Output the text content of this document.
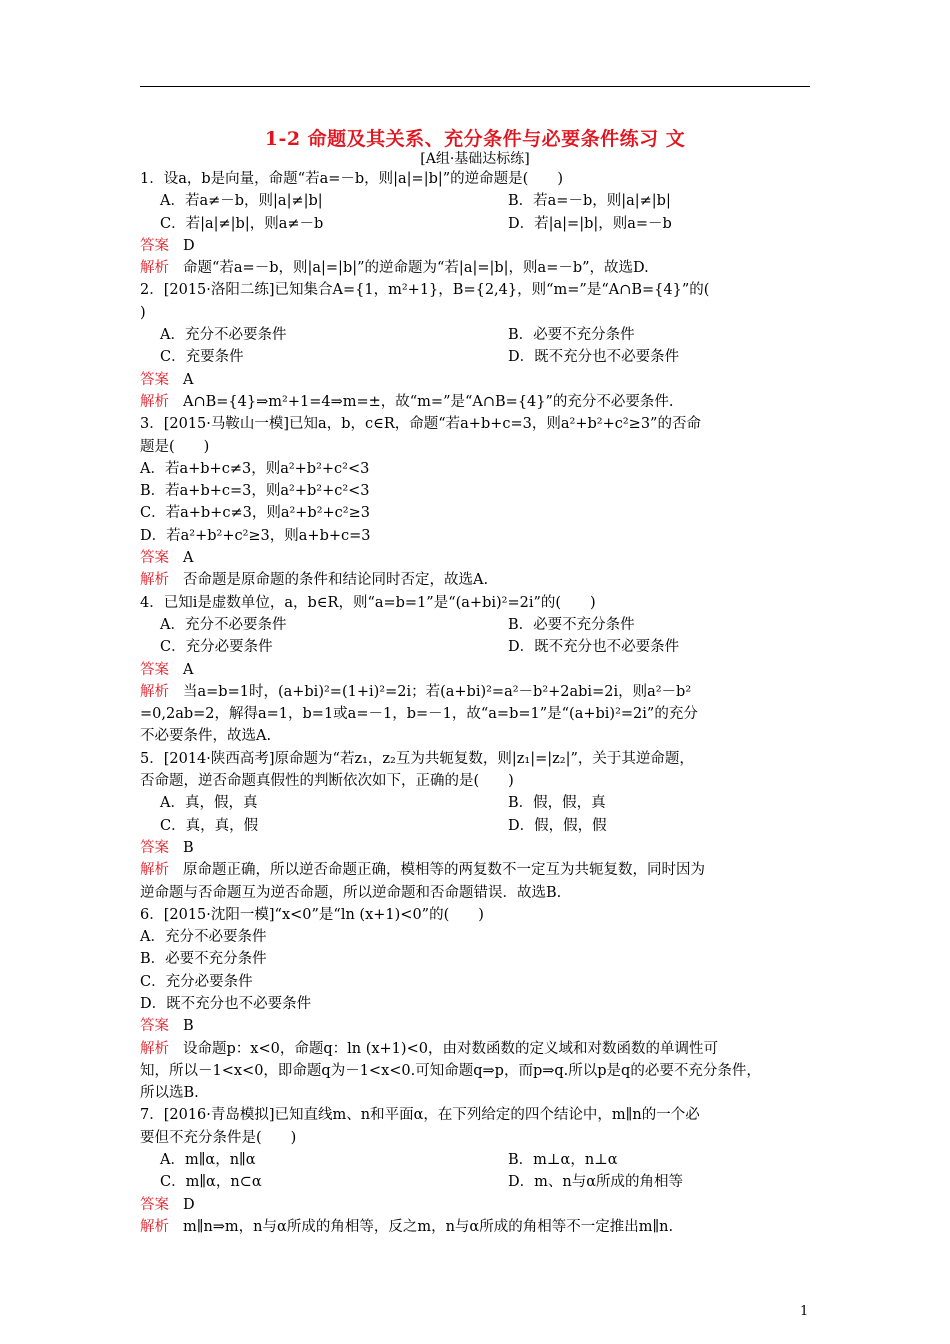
1-2 命题及其关系、充分条件与必要条件练习 文
[A组·基础达标练]

1．设a，b是向量，命题“若a=－b，则|a|=|b|”的逆命题是(　　)

A．若a≠－b，则|a|≠|b|	B．若a=－b，则|a|≠|b|
C．若|a|≠|b|，则a≠－b	D．若|a|=|b|，则a=－b

答案 D

解析 命题“若a=－b，则|a|=|b|”的逆命题为“若|a|=|b|，则a=－b”，故选D.

2．[2015·洛阳二练]已知集合A={1，m²+1}，B={2,4}，则“m=”是“A∩B={4}”的(

)

A．充分不必要条件	B．必要不充分条件
C．充要条件	D．既不充分也不必要条件

答案 A

解析 A∩B={4}⇒m²+1=4⇒m=±，故“m=”是“A∩B={4}”的充分不必要条件.

3．[2015·马鞍山一模]已知a，b，c∈R，命题“若a+b+c=3，则a²+b²+c²≥3”的否命

题是(　　)

A．若a+b+c≠3，则a²+b²+c²<3

B．若a+b+c=3，则a²+b²+c²<3

C．若a+b+c≠3，则a²+b²+c²≥3

D．若a²+b²+c²≥3，则a+b+c=3

答案 A

解析 否命题是原命题的条件和结论同时否定，故选A.

4．已知i是虚数单位，a，b∈R，则“a=b=1”是“(a+bi)²=2i”的(　　)

A．充分不必要条件	B．必要不充分条件
C．充分必要条件	D．既不充分也不必要条件

答案 A

解析 当a=b=1时，(a+bi)²=(1+i)²=2i；若(a+bi)²=a²－b²+2abi=2i，则a²－b²

=0,2ab=2，解得a=1，b=1或a=－1，b=－1，故“a=b=1”是“(a+bi)²=2i”的充分

不必要条件，故选A.

5．[2014·陕西高考]原命题为“若z₁，z₂互为共轭复数，则|z₁|=|z₂|”，关于其逆命题，

否命题，逆否命题真假性的判断依次如下，正确的是(　　)

A．真，假，真	B．假，假，真
C．真，真，假	D．假，假，假

答案 B

解析 原命题正确，所以逆否命题正确，模相等的两复数不一定互为共轭复数，同时因为

逆命题与否命题互为逆否命题，所以逆命题和否命题错误．故选B.

6．[2015·沈阳一模]“x<0”是“ln (x+1)<0”的(　　)

A．充分不必要条件

B．必要不充分条件

C．充分必要条件

D．既不充分也不必要条件

答案 B

解析 设命题p：x<0，命题q：ln (x+1)<0，由对数函数的定义域和对数函数的单调性可

知，所以－1<x<0，即命题q为－1<x<0.可知命题q⇒p，而p⇒q.所以p是q的必要不充分条件，

所以选B.

7．[2016·青岛模拟]已知直线m、n和平面α，在下列给定的四个结论中，m∥n的一个必

要但不充分条件是(　　)

A．m∥α，n∥α	B．m⊥α，n⊥α
C．m∥α，n⊂α	D．m、n与α所成的角相等

答案 D

解析 m∥n⇒m，n与α所成的角相等，反之m，n与α所成的角相等不一定推出m∥n.

1
